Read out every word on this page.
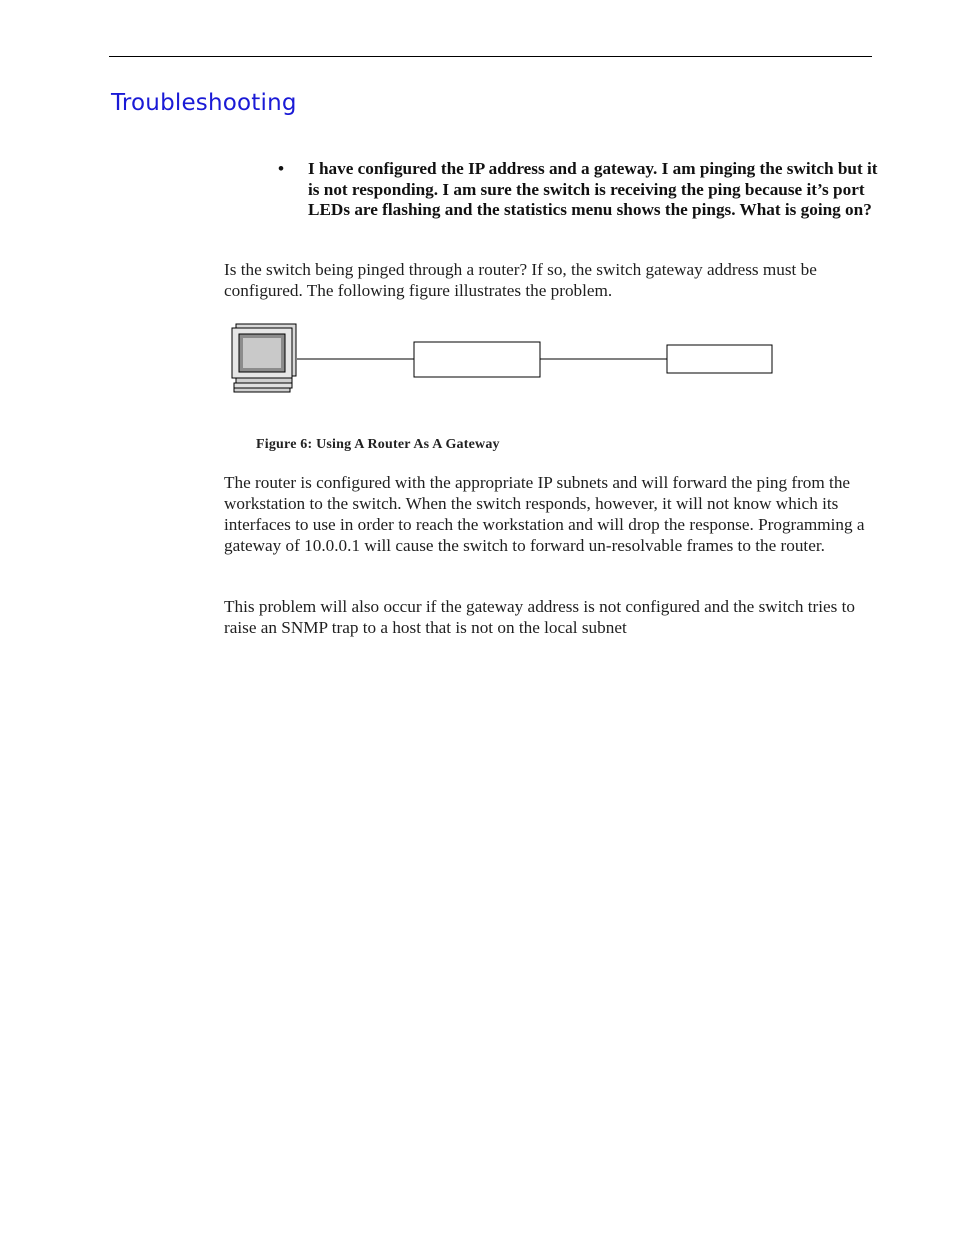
Troubleshooting
• I have configured the IP address and a gateway. I am pinging the switch but it is not responding. I am sure the switch is receiving the ping because it’s port LEDs are flashing and the statistics menu shows the pings. What is going on?

Is the switch being pinged through a router? If so, the switch gateway address must be configured. The following figure illustrates the problem.

Figure 6: Using A Router As A Gateway

The router is configured with the appropriate IP subnets and will forward the ping from the workstation to the switch. When the switch responds, however, it will not know which its interfaces to use in order to reach the workstation and will drop the response. Programming a gateway of 10.0.0.1 will cause the switch to forward un-resolvable frames to the router.

This problem will also occur if the gateway address is not configured and the switch tries to raise an SNMP trap to a host that is not on the local subnet
